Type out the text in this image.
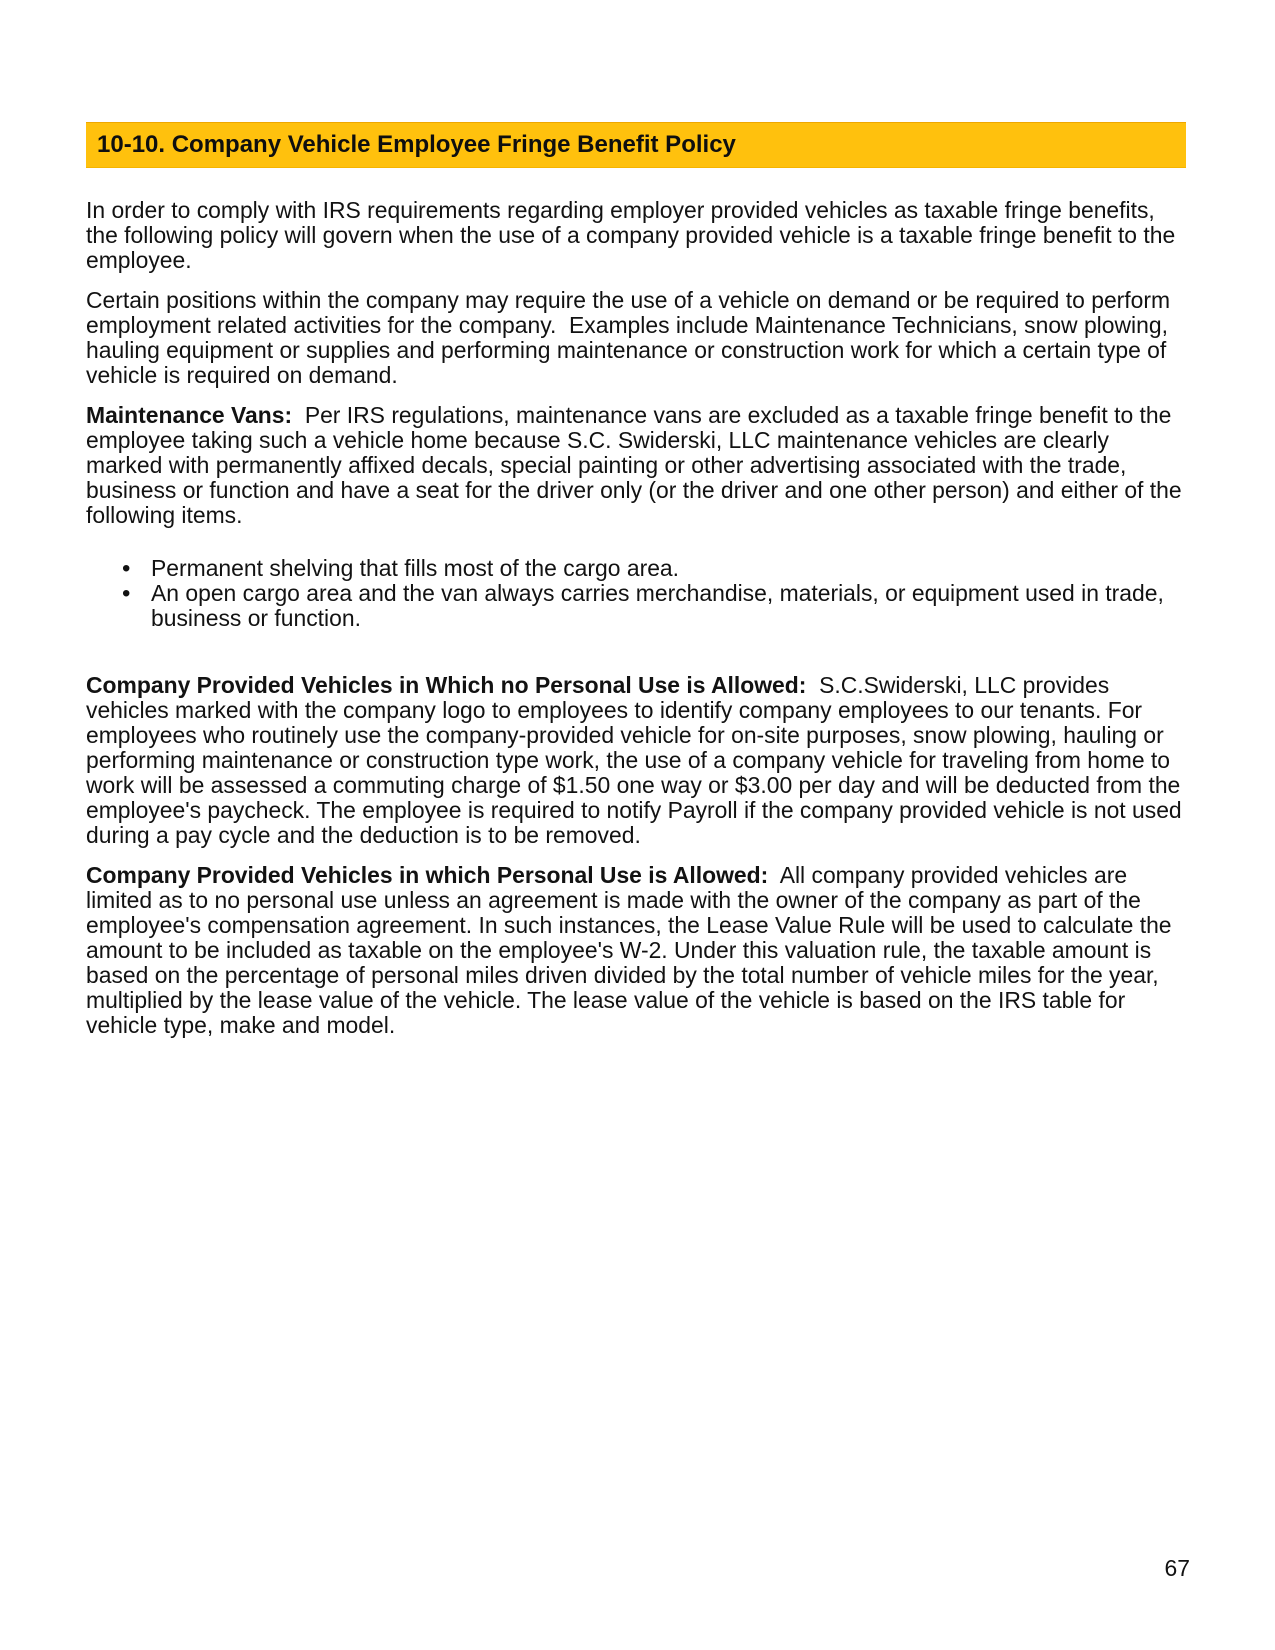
10-10. Company Vehicle Employee Fringe Benefit Policy

In order to comply with IRS requirements regarding employer provided vehicles as taxable fringe benefits, the following policy will govern when the use of a company provided vehicle is a taxable fringe benefit to the employee.

Certain positions within the company may require the use of a vehicle on demand or be required to perform employment related activities for the company.  Examples include Maintenance Technicians, snow plowing, hauling equipment or supplies and performing maintenance or construction work for which a certain type of vehicle is required on demand.

Maintenance Vans:  Per IRS regulations, maintenance vans are excluded as a taxable fringe benefit to the employee taking such a vehicle home because S.C. Swiderski, LLC maintenance vehicles are clearly marked with permanently affixed decals, special painting or other advertising associated with the trade, business or function and have a seat for the driver only (or the driver and one other person) and either of the following items.

• Permanent shelving that fills most of the cargo area.
• An open cargo area and the van always carries merchandise, materials, or equipment used in trade, business or function.

Company Provided Vehicles in Which no Personal Use is Allowed:  S.C.Swiderski, LLC provides vehicles marked with the company logo to employees to identify company employees to our tenants. For employees who routinely use the company-provided vehicle for on-site purposes, snow plowing, hauling or performing maintenance or construction type work, the use of a company vehicle for traveling from home to work will be assessed a commuting charge of $1.50 one way or $3.00 per day and will be deducted from the employee's paycheck. The employee is required to notify Payroll if the company provided vehicle is not used during a pay cycle and the deduction is to be removed.

Company Provided Vehicles in which Personal Use is Allowed:  All company provided vehicles are limited as to no personal use unless an agreement is made with the owner of the company as part of the employee's compensation agreement. In such instances, the Lease Value Rule will be used to calculate the amount to be included as taxable on the employee's W-2. Under this valuation rule, the taxable amount is based on the percentage of personal miles driven divided by the total number of vehicle miles for the year, multiplied by the lease value of the vehicle. The lease value of the vehicle is based on the IRS table for vehicle type, make and model.

67
